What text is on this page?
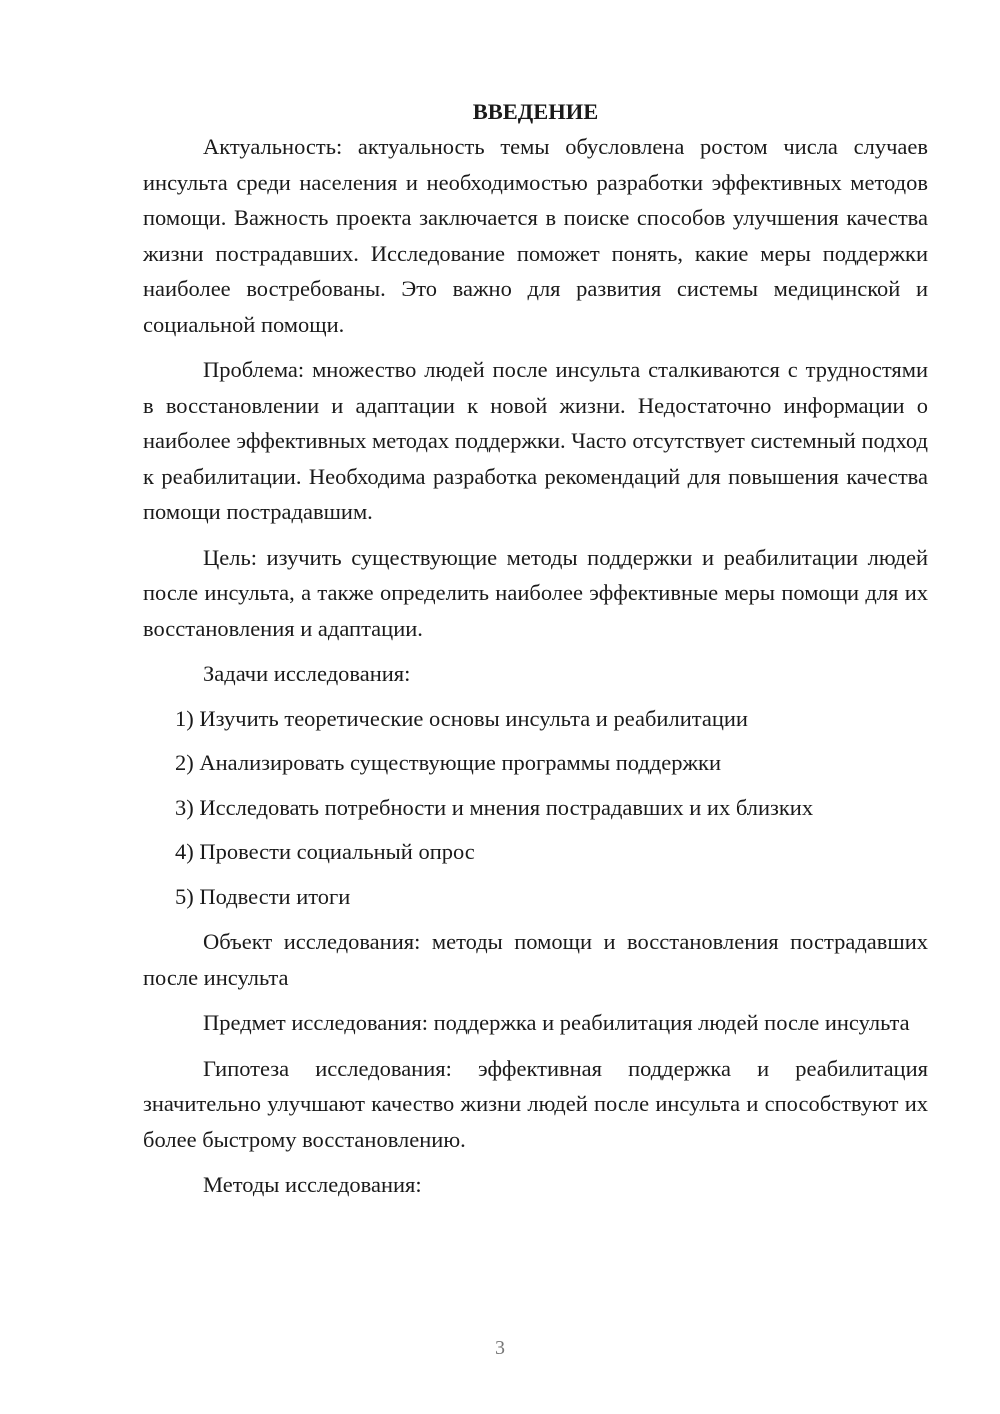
ВВЕДЕНИЕ

Актуальность: актуальность темы обусловлена ростом числа случаев инсульта среди населения и необходимостью разработки эффективных методов помощи. Важность проекта заключается в поиске способов улучшения качества жизни пострадавших. Исследование поможет понять, какие меры поддержки наиболее востребованы. Это важно для развития системы медицинской и социальной помощи.

Проблема: множество людей после инсульта сталкиваются с трудностями в восстановлении и адаптации к новой жизни. Недостаточно информации о наиболее эффективных методах поддержки. Часто отсутствует системный подход к реабилитации. Необходима разработка рекомендаций для повышения качества помощи пострадавшим.

Цель: изучить существующие методы поддержки и реабилитации людей после инсульта, а также определить наиболее эффективные меры помощи для их восстановления и адаптации.

Задачи исследования:

1) Изучить теоретические основы инсульта и реабилитации

2) Анализировать существующие программы поддержки

3) Исследовать потребности и мнения пострадавших и их близких

4) Провести социальный опрос

5) Подвести итоги

Объект исследования: методы помощи и восстановления пострадавших после инсульта

Предмет исследования: поддержка и реабилитация людей после инсульта

Гипотеза исследования: эффективная поддержка и реабилитация значительно улучшают качество жизни людей после инсульта и способствуют их более быстрому восстановлению.

Методы исследования:

3
